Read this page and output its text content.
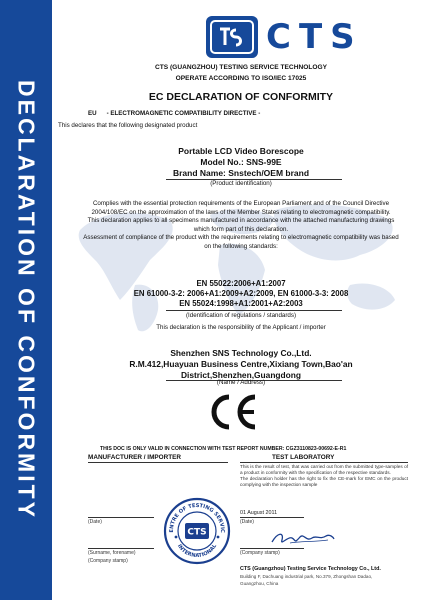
DECLARATION OF CONFORMITY
CTS
CTS (GUANGZHOU) TESTING SERVICE TECHNOLOGY
OPERATE ACCORDING TO ISO/IEC 17025
EC DECLARATION OF CONFORMITY
EU - ELECTROMAGNETIC COMPATIBILITY DIRECTIVE -
This declares that the following designated product
Portable LCD Video Borescope
Model No.: SNS-99E
Brand Name: Snstech/OEM brand
(Product identification)

Complies with the essential protection requirements of the European Parliament and of the Council Directive 2004/108/EC on the approximation of the laws of the Member States relating to electromagnetic compatibility.

This declaration applies to all specimens manufactured in accordance with the attached manufacturing drawings which form part of this declaration.

Assessment of compliance of the product with the requirements relating to electromagnetic compatibility was based on the following standards:

EN 55022:2006+A1:2007
EN 61000-3-2: 2006+A1:2009+A2:2009, EN 61000-3-3: 2008
EN 55024:1998+A1:2001+A2:2003
(Identification of regulations / standards)
This declaration is the responsibility of the Applicant / importer
Shenzhen SNS Technology Co.,Ltd.
R.M.412,Huayuan Business Centre,Xixiang Town,Bao'an
District,Shenzhen,Guangdong
(Name / Address)
THIS DOC IS ONLY VALID IN CONNECTION WITH TEST REPORT NUMBER: CGZ3110823-00692-E-R1
MANUFACTURER / IMPORTER	TEST LABORATORY

This is the result of test, that was carried out from the submitted type-samples of a product in conformity with the specification of the respective standards.

The declaration holder has the right to fix the CE-mark for EMC on the product complying with the inspection sample

(Date)
(Surname, forename)
(Company stamp)
ENTRE OF TESTING SERVIC
INTERNATIONAL
CTS
01 August 2011
(Date)
(Company stamp)
CTS (Guangzhou) Testing Service Technology Co., Ltd.
Building F, Dachuang industrial park, No.379, Zhongshan Dadao,
Guangzhou, China
